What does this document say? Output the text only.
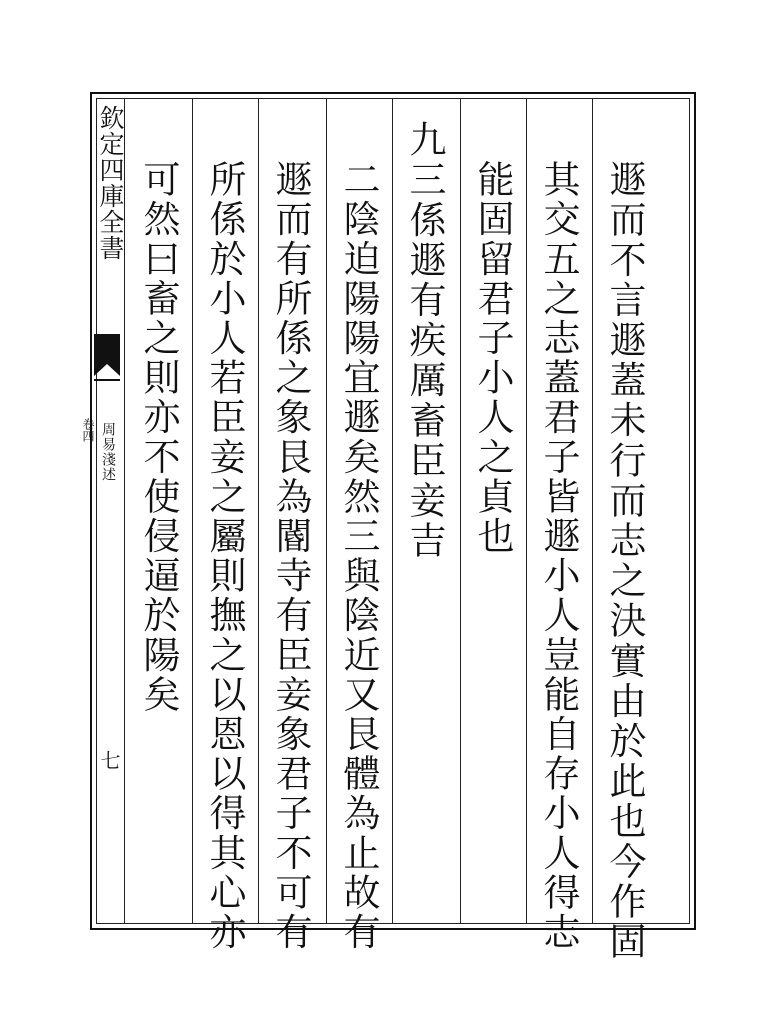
欽定四庫全書
周易淺述
卷四
七	遯而不言遯蓋未行而志之決實由於此也今作固
其交五之志蓋君子皆遯小人豈能自存小人得志
能固留君子小人之貞也
九三係遯有疾厲畜臣妾吉
二陰迫陽陽宜遯矣然三與陰近又艮體為止故有
遯而有所係之象艮為閽寺有臣妾象君子不可有
所係於小人若臣妾之屬則撫之以恩以得其心亦
可然曰畜之則亦不使侵逼於陽矣
